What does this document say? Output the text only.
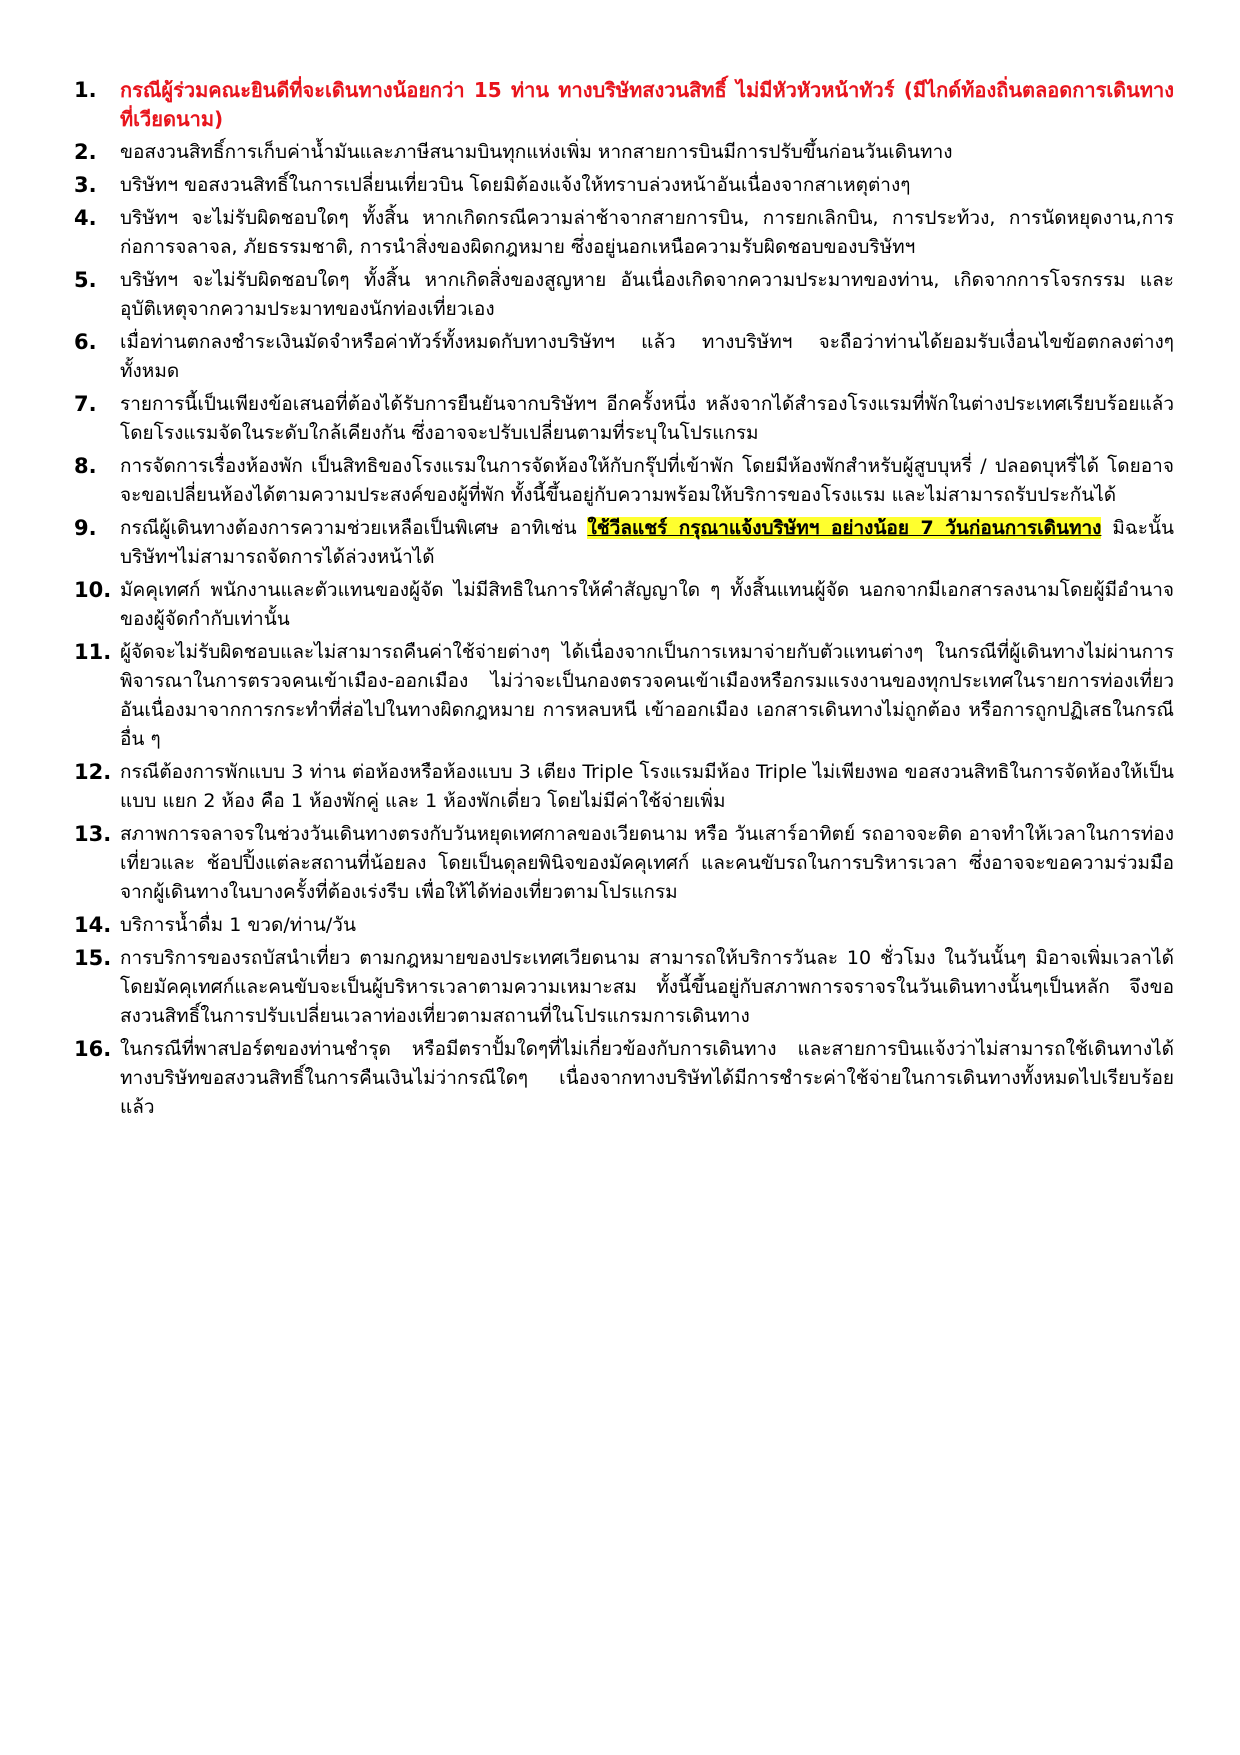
1.	กรณีผู้ร่วมคณะยินดีที่จะเดินทางน้อยกว่า 15 ท่าน ทางบริษัทสงวนสิทธิ์ ไม่มีหัวหัวหน้าทัวร์ (มีไกด์ท้องถิ่นตลอดการเดินทางที่เวียดนาม)
2.	ขอสงวนสิทธิ์การเก็บค่าน้ำมันและภาษีสนามบินทุกแห่งเพิ่ม หากสายการบินมีการปรับขึ้นก่อนวันเดินทาง
3.	บริษัทฯ ขอสงวนสิทธิ์ในการเปลี่ยนเที่ยวบิน โดยมิต้องแจ้งให้ทราบล่วงหน้าอันเนื่องจากสาเหตุต่างๆ
4.	บริษัทฯ จะไม่รับผิดชอบใดๆ ทั้งสิ้น หากเกิดกรณีความล่าช้าจากสายการบิน, การยกเลิกบิน, การประท้วง, การนัดหยุดงาน,การก่อการจลาจล, ภัยธรรมชาติ, การนำสิ่งของผิดกฎหมาย ซึ่งอยู่นอกเหนือความรับผิดชอบของบริษัทฯ
5.	บริษัทฯ จะไม่รับผิดชอบใดๆ ทั้งสิ้น หากเกิดสิ่งของสูญหาย อันเนื่องเกิดจากความประมาทของท่าน, เกิดจากการโจรกรรม และ อุบัติเหตุจากความประมาทของนักท่องเที่ยวเอง
6.	เมื่อท่านตกลงชำระเงินมัดจำหรือค่าทัวร์ทั้งหมดกับทางบริษัทฯ แล้ว ทางบริษัทฯ จะถือว่าท่านได้ยอมรับเงื่อนไขข้อตกลงต่างๆ ทั้งหมด
7.	รายการนี้เป็นเพียงข้อเสนอที่ต้องได้รับการยืนยันจากบริษัทฯ อีกครั้งหนึ่ง หลังจากได้สำรองโรงแรมที่พักในต่างประเทศเรียบร้อยแล้ว โดยโรงแรมจัดในระดับใกล้เคียงกัน ซึ่งอาจจะปรับเปลี่ยนตามที่ระบุในโปรแกรม
8.	การจัดการเรื่องห้องพัก เป็นสิทธิของโรงแรมในการจัดห้องให้กับกรุ๊ปที่เข้าพัก โดยมีห้องพักสำหรับผู้สูบบุหรี่ / ปลอดบุหรี่ได้ โดยอาจจะขอเปลี่ยนห้องได้ตามความประสงค์ของผู้ที่พัก ทั้งนี้ขึ้นอยู่กับความพร้อมให้บริการของโรงแรม และไม่สามารถรับประกันได้
9.	กรณีผู้เดินทางต้องการความช่วยเหลือเป็นพิเศษ อาทิเช่น ใช้วีลแชร์ กรุณาแจ้งบริษัทฯ อย่างน้อย 7 วันก่อนการเดินทาง มิฉะนั้นบริษัทฯไม่สามารถจัดการได้ล่วงหน้าได้
10. มัคคุเทศก์ พนักงานและตัวแทนของผู้จัด ไม่มีสิทธิในการให้คำสัญญาใด ๆ ทั้งสิ้นแทนผู้จัด นอกจากมีเอกสารลงนามโดยผู้มีอำนาจของผู้จัดกำกับเท่านั้น
11. ผู้จัดจะไม่รับผิดชอบและไม่สามารถคืนค่าใช้จ่ายต่างๆ ได้เนื่องจากเป็นการเหมาจ่ายกับตัวแทนต่างๆ ในกรณีที่ผู้เดินทางไม่ผ่านการพิจารณาในการตรวจคนเข้าเมือง-ออกเมือง ไม่ว่าจะเป็นกองตรวจคนเข้าเมืองหรือกรมแรงงานของทุกประเทศในรายการท่องเที่ยว อันเนื่องมาจากการกระทำที่ส่อไปในทางผิดกฎหมาย การหลบหนี เข้าออกเมือง เอกสารเดินทางไม่ถูกต้อง หรือการถูกปฏิเสธในกรณีอื่น ๆ
12. กรณีต้องการพักแบบ 3 ท่าน ต่อห้องหรือห้องแบบ 3 เตียง Triple โรงแรมมีห้อง Triple ไม่เพียงพอ ขอสงวนสิทธิในการจัดห้องให้เป็นแบบ แยก 2 ห้อง คือ 1 ห้องพักคู่ และ 1 ห้องพักเดี่ยว โดยไม่มีค่าใช้จ่ายเพิ่ม
13. สภาพการจลาจรในช่วงวันเดินทางตรงกับวันหยุดเทศกาลของเวียดนาม หรือ วันเสาร์อาทิตย์ รถอาจจะติด อาจทำให้เวลาในการท่องเที่ยวและ ช้อปปิ้งแต่ละสถานที่น้อยลง โดยเป็นดุลยพินิจของมัคคุเทศก์ และคนขับรถในการบริหารเวลา ซึ่งอาจจะขอความร่วมมือจากผู้เดินทางในบางครั้งที่ต้องเร่งรีบ เพื่อให้ได้ท่องเที่ยวตามโปรแกรม
14. บริการน้ำดื่ม 1 ขวด/ท่าน/วัน
15. การบริการของรถบัสนำเที่ยว ตามกฎหมายของประเทศเวียดนาม สามารถให้บริการวันละ 10 ชั่วโมง ในวันนั้นๆ มิอาจเพิ่มเวลาได้ โดยมัคคุเทศก์และคนขับจะเป็นผู้บริหารเวลาตามความเหมาะสม ทั้งนี้ขึ้นอยู่กับสภาพการจราจรในวันเดินทางนั้นๆเป็นหลัก จึงขอสงวนสิทธิ์ในการปรับเปลี่ยนเวลาท่องเที่ยวตามสถานที่ในโปรแกรมการเดินทาง
16. ในกรณีที่พาสปอร์ตของท่านชำรุด หรือมีตราปั้มใดๆที่ไม่เกี่ยวข้องกับการเดินทาง และสายการบินแจ้งว่าไม่สามารถใช้เดินทางได้ ทางบริษัทขอสงวนสิทธิ์ในการคืนเงินไม่ว่ากรณีใดๆ เนื่องจากทางบริษัทได้มีการชำระค่าใช้จ่ายในการเดินทางทั้งหมดไปเรียบร้อยแล้ว
